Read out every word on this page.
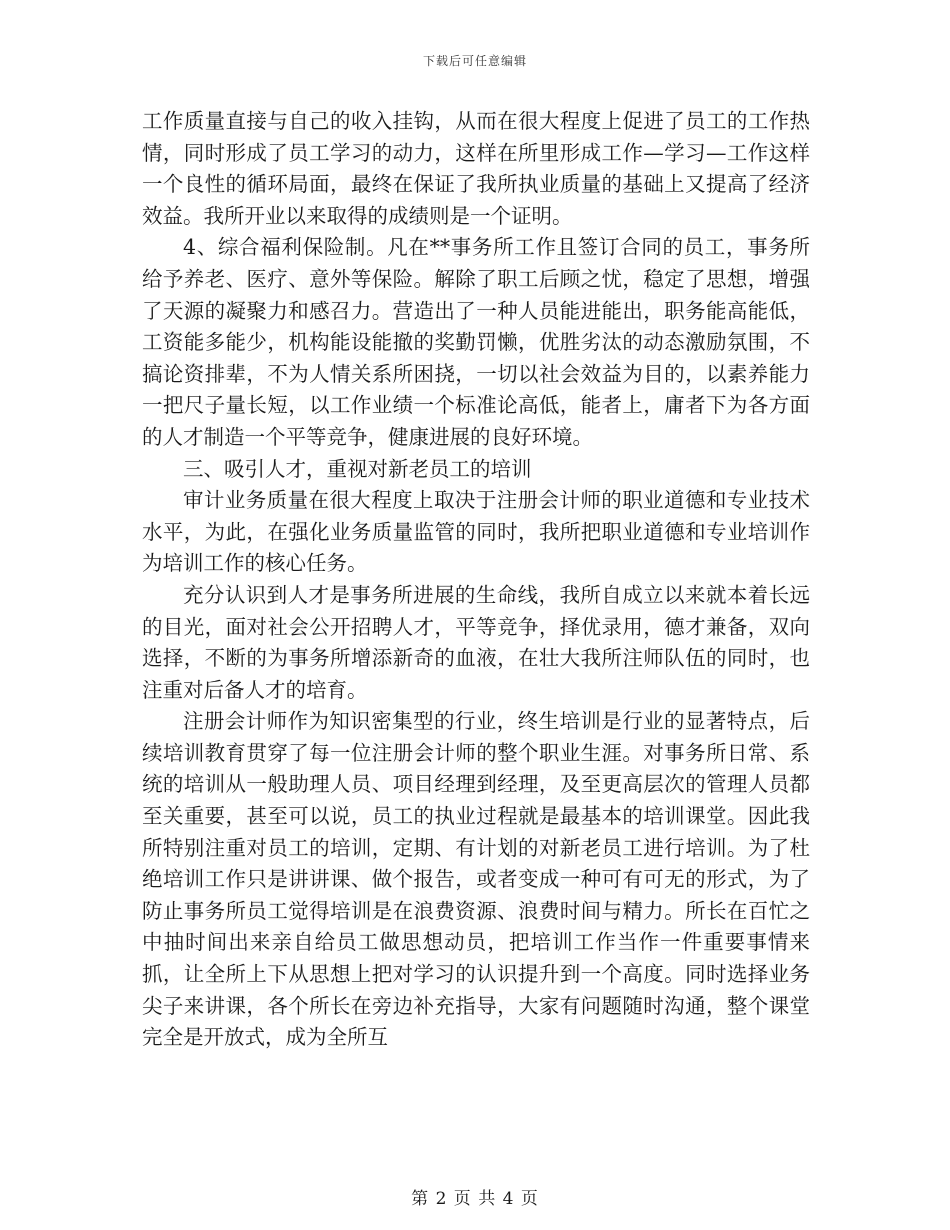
下载后可任意编辑

工作质量直接与自己的收入挂钩，从而在很大程度上促进了员工的工作热情，同时形成了员工学习的动力，这样在所里形成工作—学习—工作这样一个良性的循环局面，最终在保证了我所执业质量的基础上又提高了经济效益。我所开业以来取得的成绩则是一个证明。

4、综合福利保险制。凡在**事务所工作且签订合同的员工，事务所给予养老、医疗、意外等保险。解除了职工后顾之忧，稳定了思想，增强了天源的凝聚力和感召力。营造出了一种人员能进能出，职务能高能低，工资能多能少，机构能设能撤的奖勤罚懒，优胜劣汰的动态激励氛围，不搞论资排辈，不为人情关系所困挠，一切以社会效益为目的，以素养能力一把尺子量长短，以工作业绩一个标准论高低，能者上，庸者下为各方面的人才制造一个平等竞争，健康进展的良好环境。

三、吸引人才，重视对新老员工的培训

审计业务质量在很大程度上取决于注册会计师的职业道德和专业技术水平，为此，在强化业务质量监管的同时，我所把职业道德和专业培训作为培训工作的核心任务。

充分认识到人才是事务所进展的生命线，我所自成立以来就本着长远的目光，面对社会公开招聘人才，平等竞争，择优录用，德才兼备，双向选择，不断的为事务所增添新奇的血液，在壮大我所注师队伍的同时，也注重对后备人才的培育。

注册会计师作为知识密集型的行业，终生培训是行业的显著特点，后续培训教育贯穿了每一位注册会计师的整个职业生涯。对事务所日常、系统的培训从一般助理人员、项目经理到经理，及至更高层次的管理人员都至关重要，甚至可以说，员工的执业过程就是最基本的培训课堂。因此我所特别注重对员工的培训，定期、有计划的对新老员工进行培训。为了杜绝培训工作只是讲讲课、做个报告，或者变成一种可有可无的形式，为了防止事务所员工觉得培训是在浪费资源、浪费时间与精力。所长在百忙之中抽时间出来亲自给员工做思想动员，把培训工作当作一件重要事情来抓，让全所上下从思想上把对学习的认识提升到一个高度。同时选择业务尖子来讲课，各个所长在旁边补充指导，大家有问题随时沟通，整个课堂完全是开放式，成为全所互

第 2 页 共 4 页
